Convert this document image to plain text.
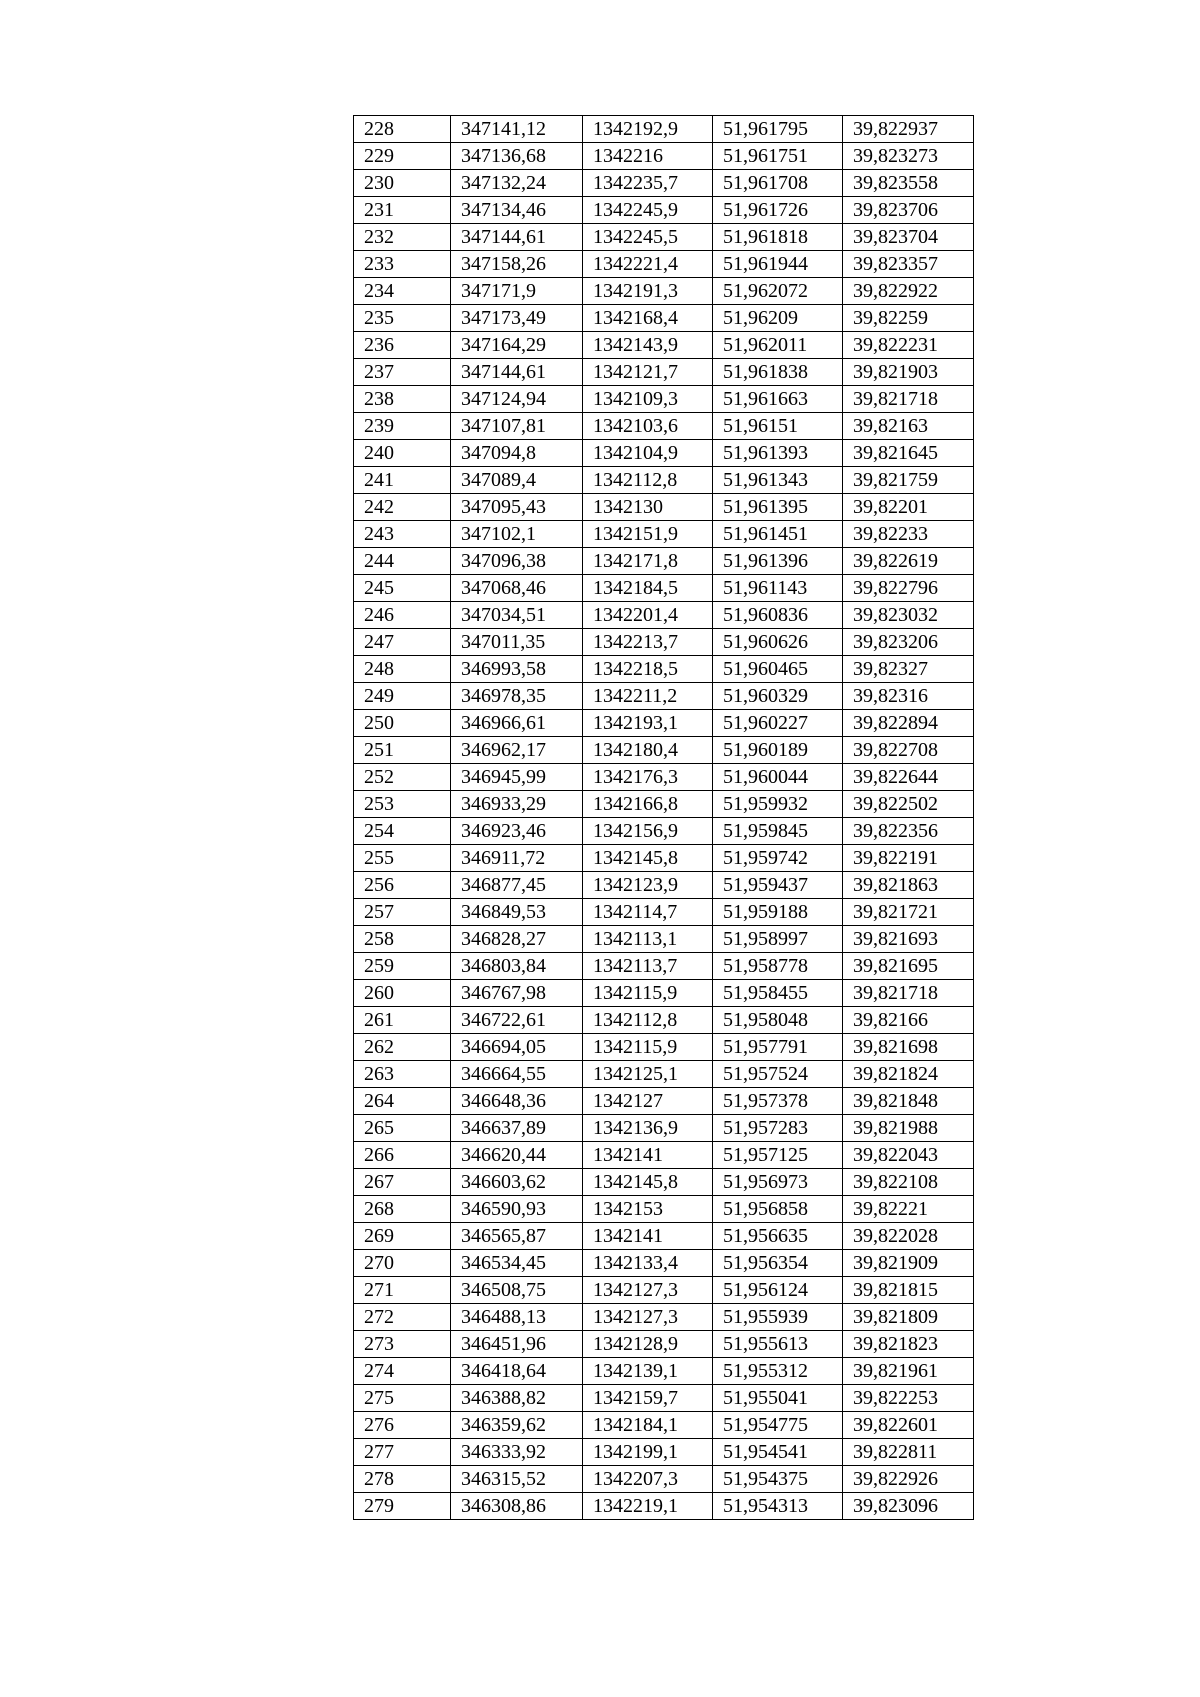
228	347141,12	1342192,9	51,961795	39,822937
229	347136,68	1342216	51,961751	39,823273
230	347132,24	1342235,7	51,961708	39,823558
231	347134,46	1342245,9	51,961726	39,823706
232	347144,61	1342245,5	51,961818	39,823704
233	347158,26	1342221,4	51,961944	39,823357
234	347171,9	1342191,3	51,962072	39,822922
235	347173,49	1342168,4	51,96209	39,82259
236	347164,29	1342143,9	51,962011	39,822231
237	347144,61	1342121,7	51,961838	39,821903
238	347124,94	1342109,3	51,961663	39,821718
239	347107,81	1342103,6	51,96151	39,82163
240	347094,8	1342104,9	51,961393	39,821645
241	347089,4	1342112,8	51,961343	39,821759
242	347095,43	1342130	51,961395	39,82201
243	347102,1	1342151,9	51,961451	39,82233
244	347096,38	1342171,8	51,961396	39,822619
245	347068,46	1342184,5	51,961143	39,822796
246	347034,51	1342201,4	51,960836	39,823032
247	347011,35	1342213,7	51,960626	39,823206
248	346993,58	1342218,5	51,960465	39,82327
249	346978,35	1342211,2	51,960329	39,82316
250	346966,61	1342193,1	51,960227	39,822894
251	346962,17	1342180,4	51,960189	39,822708
252	346945,99	1342176,3	51,960044	39,822644
253	346933,29	1342166,8	51,959932	39,822502
254	346923,46	1342156,9	51,959845	39,822356
255	346911,72	1342145,8	51,959742	39,822191
256	346877,45	1342123,9	51,959437	39,821863
257	346849,53	1342114,7	51,959188	39,821721
258	346828,27	1342113,1	51,958997	39,821693
259	346803,84	1342113,7	51,958778	39,821695
260	346767,98	1342115,9	51,958455	39,821718
261	346722,61	1342112,8	51,958048	39,82166
262	346694,05	1342115,9	51,957791	39,821698
263	346664,55	1342125,1	51,957524	39,821824
264	346648,36	1342127	51,957378	39,821848
265	346637,89	1342136,9	51,957283	39,821988
266	346620,44	1342141	51,957125	39,822043
267	346603,62	1342145,8	51,956973	39,822108
268	346590,93	1342153	51,956858	39,82221
269	346565,87	1342141	51,956635	39,822028
270	346534,45	1342133,4	51,956354	39,821909
271	346508,75	1342127,3	51,956124	39,821815
272	346488,13	1342127,3	51,955939	39,821809
273	346451,96	1342128,9	51,955613	39,821823
274	346418,64	1342139,1	51,955312	39,821961
275	346388,82	1342159,7	51,955041	39,822253
276	346359,62	1342184,1	51,954775	39,822601
277	346333,92	1342199,1	51,954541	39,822811
278	346315,52	1342207,3	51,954375	39,822926
279	346308,86	1342219,1	51,954313	39,823096
